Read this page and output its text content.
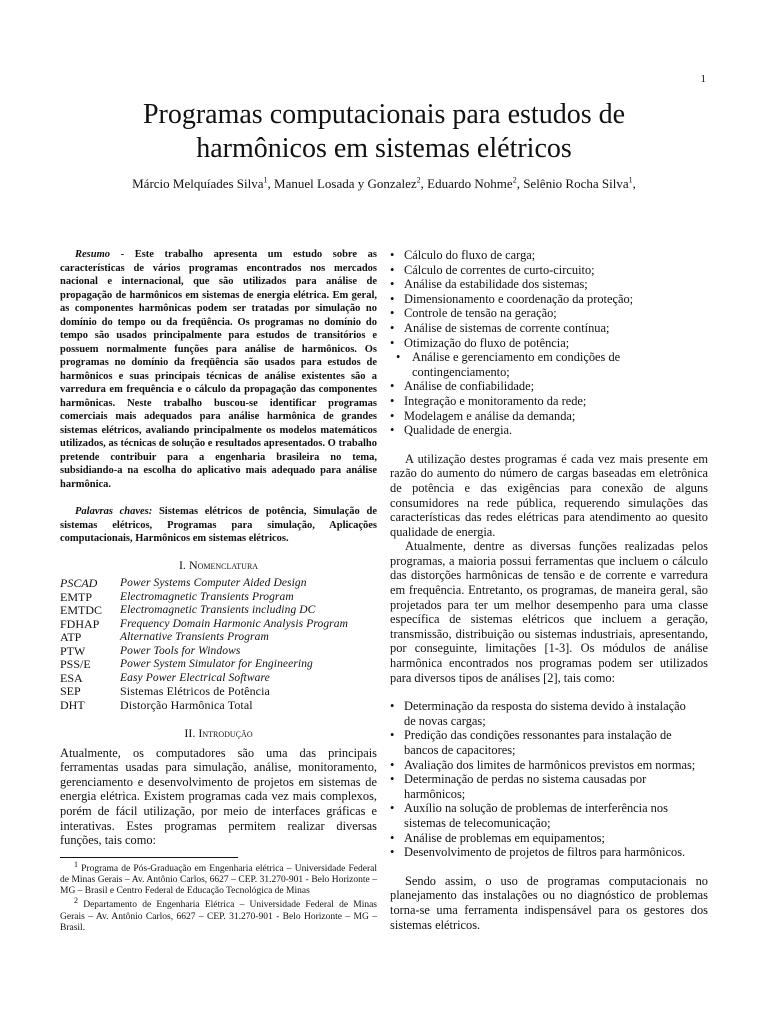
1
Programas computacionais para estudos de
harmônicos em sistemas elétricos
Márcio Melquíades Silva$^1$, Manuel Losada y Gonzalez$^2$, Eduardo Nohme$^2$, Selênio Rocha Silva$^1$,

Resumo - Este trabalho apresenta um estudo sobre as características de vários programas encontrados nos mercados nacional e internacional, que são utilizados para análise de propagação de harmônicos em sistemas de energia elétrica. Em geral, as componentes harmônicas podem ser tratadas por simulação no domínio do tempo ou da freqüência. Os programas no domínio do tempo são usados principalmente para estudos de transitórios e possuem normalmente funções para análise de harmônicos. Os programas no domínio da freqüência são usados para estudos de harmônicos e suas principais técnicas de análise existentes são a varredura em frequência e o cálculo da propagação das componentes harmônicas. Neste trabalho buscou-se identificar programas comerciais mais adequados para análise harmônica de grandes sistemas elétricos, avaliando principalmente os modelos matemáticos utilizados, as técnicas de solução e resultados apresentados. O trabalho pretende contribuir para a engenharia brasileira no tema, subsidiando-a na escolha do aplicativo mais adequado para análise harmônica.

Palavras chaves: Sistemas elétricos de potência, Simulação de sistemas elétricos, Programas para simulação, Aplicações computacionais, Harmônicos em sistemas elétricos.

I. Nomenclatura
PSCAD	Power Systems Computer Aided Design
EMTP	Electromagnetic Transients Program
EMTDC	Electromagnetic Transients including DC
FDHAP	Frequency Domain Harmonic Analysis Program
ATP	Alternative Transients Program
PTW	Power Tools for Windows
PSS/E	Power System Simulator for Engineering
ESA	Easy Power Electrical Software
SEP	Sistemas Elétricos de Potência
DHT	Distorção Harmônica Total
II. Introdução

Atualmente, os computadores são uma das principais ferramentas usadas para simulação, análise, monitoramento, gerenciamento e desenvolvimento de projetos em sistemas de energia elétrica. Existem programas cada vez mais complexos, porém de fácil utilização, por meio de interfaces gráficas e interativas. Estes programas permitem realizar diversas funções, tais como:

$^1$ Programa de Pós-Graduação em Engenharia elétrica – Universidade Federal de Minas Gerais – Av. Antônio Carlos, 6627 – CEP. 31.270-901 - Belo Horizonte – MG – Brasil e Centro Federal de Educação Tecnológica de Minas

$^2$ Departamento de Engenharia Elétrica – Universidade Federal de Minas Gerais – Av. Antônio Carlos, 6627 – CEP. 31.270-901 - Belo Horizonte – MG – Brasil.

• Cálculo do fluxo de carga;
• Cálculo de correntes de curto-circuito;
• Análise da estabilidade dos sistemas;
• Dimensionamento e coordenação da proteção;
• Controle de tensão na geração;
• Análise de sistemas de corrente contínua;
• Otimização do fluxo de potência;
• Análise e gerenciamento em condições de
contingenciamento;
• Análise de confiabilidade;
• Integração e monitoramento da rede;
• Modelagem e análise da demanda;
• Qualidade de energia.

A utilização destes programas é cada vez mais presente em razão do aumento do número de cargas baseadas em eletrônica de potência e das exigências para conexão de alguns consumidores na rede pública, requerendo simulações das características das redes elétricas para atendimento ao quesito qualidade de energia.

Atualmente, dentre as diversas funções realizadas pelos programas, a maioria possui ferramentas que incluem o cálculo das distorções harmônicas de tensão e de corrente e varredura em frequência. Entretanto, os programas, de maneira geral, são projetados para ter um melhor desempenho para uma classe específica de sistemas elétricos que incluem a geração, transmissão, distribuição ou sistemas industriais, apresentando, por conseguinte, limitações [1-3]. Os módulos de análise harmônica encontrados nos programas podem ser utilizados para diversos tipos de análises [2], tais como:

• Determinação da resposta do sistema devido à instalação
de novas cargas;
• Predição das condições ressonantes para instalação de
bancos de capacitores;
• Avaliação dos limites de harmônicos previstos em normas;
• Determinação de perdas no sistema causadas por
harmônicos;
• Auxílio na solução de problemas de interferência nos
sistemas de telecomunicação;
• Análise de problemas em equipamentos;
• Desenvolvimento de projetos de filtros para harmônicos.

Sendo assim, o uso de programas computacionais no planejamento das instalações ou no diagnóstico de problemas torna-se uma ferramenta indispensável para os gestores dos sistemas elétricos.
